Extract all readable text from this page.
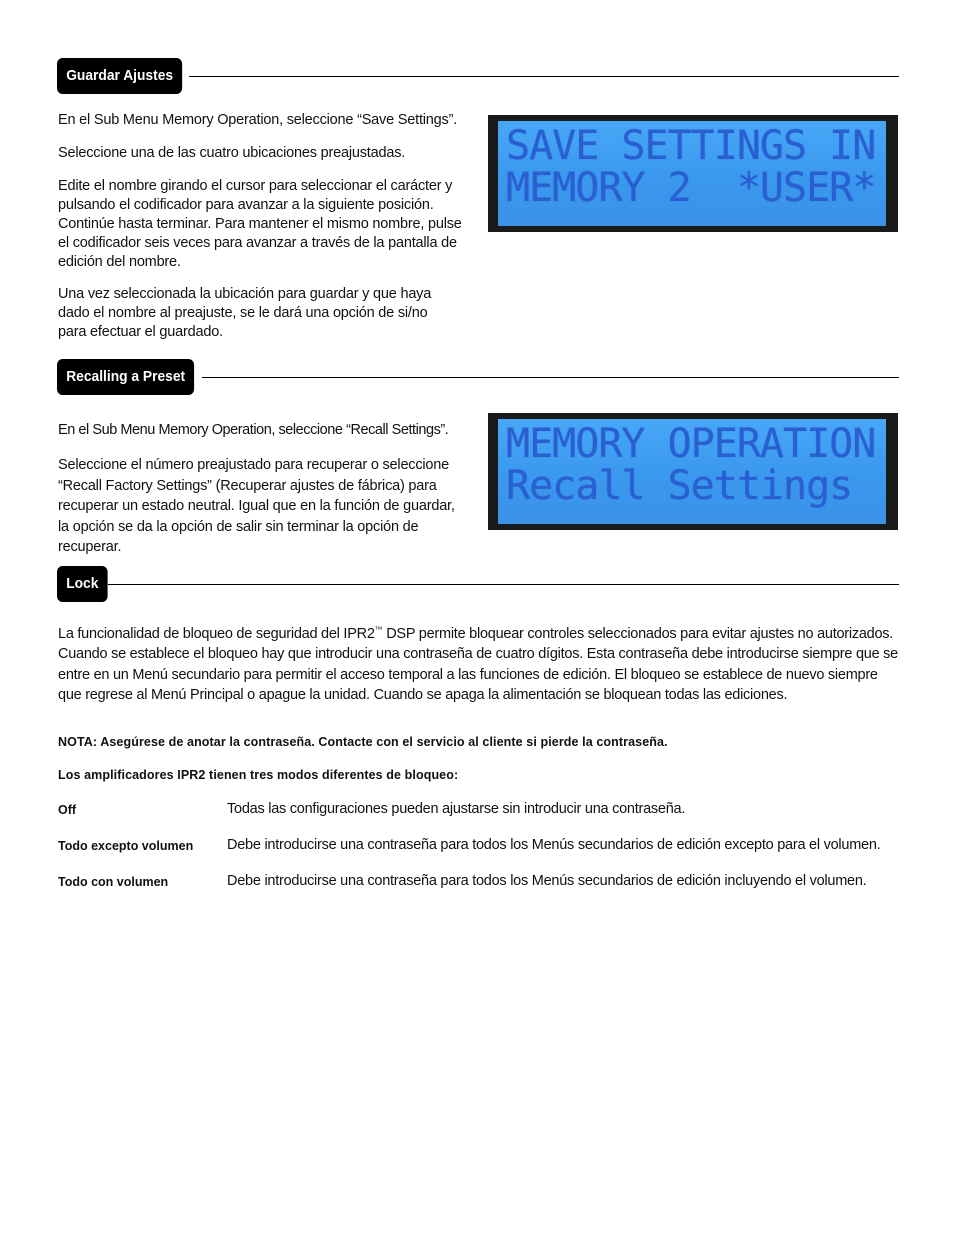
Guardar Ajustes

En el Sub Menu Memory Operation, seleccione “Save Settings”.

Seleccione una de las cuatro ubicaciones preajustadas.

Edite el nombre girando el cursor para seleccionar el carácter y pulsando el codificador para avanzar a la siguiente posición. Continúe hasta terminar. Para mantener el mismo nombre, pulse el codificador seis veces para avanzar a través de la pantalla de edición del nombre.

Una vez seleccionada la ubicación para guardar y que haya dado el nombre al preajuste, se le dará una opción de si/no para efectuar el guardado.

SAVE SETTINGS IN
MEMORY 2  *USER*
Recalling a Preset

En el Sub Menu Memory Operation, seleccione “Recall Settings”.

Seleccione el número preajustado para recuperar o seleccione “Recall Factory Settings” (Recuperar ajustes de fábrica) para recuperar un estado neutral. Igual que en la función de guardar, la opción se da la opción de salir sin terminar la opción de recuperar.

MEMORY OPERATION
Recall Settings
Lock

La funcionalidad de bloqueo de seguridad del IPR2™ DSP permite bloquear controles seleccionados para evitar ajustes no autorizados. Cuando se establece el bloqueo hay que introducir una contraseña de cuatro dígitos. Esta contraseña debe introducirse siempre que se entre en un Menú secundario para permitir el acceso temporal a las funciones de edición. El bloqueo se establece de nuevo siempre que regrese al Menú Principal o apague la unidad. Cuando se apaga la alimentación se bloquean todas las ediciones.

NOTA: Asegúrese de anotar la contraseña. Contacte con el servicio al cliente si pierde la contraseña.

Los amplificadores IPR2 tienen tres modos diferentes de bloqueo:

Off	Todas las configuraciones pueden ajustarse sin introducir una contraseña.
Todo excepto volumen Debe introducirse una contraseña para todos los Menús secundarios de edición excepto para el volumen.
Todo con volumen	Debe introducirse una contraseña para todos los Menús secundarios de edición incluyendo el volumen.
